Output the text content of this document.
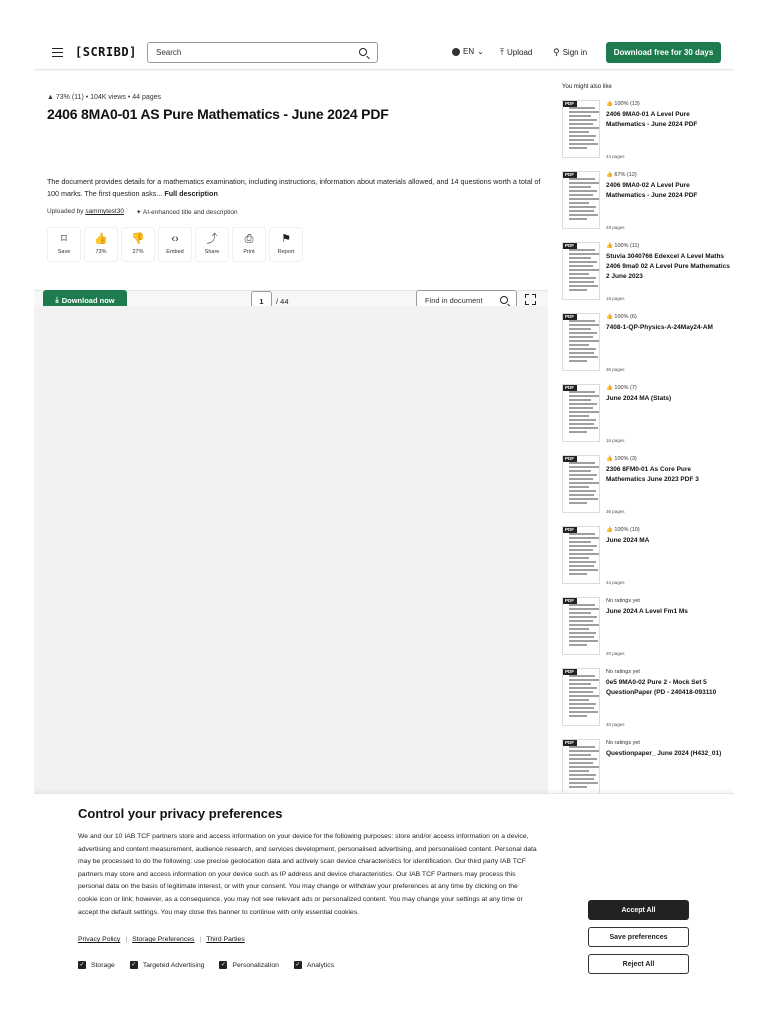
[SCRIBD]	Search	EN ⌄ ⤒ Upload ⚲ Sign in	Download free for 30 days
▲ 73% (11) • 104K views • 44 pages
2406 8MA0-01 AS Pure Mathematics - June 2024 PDF
The document provides details for a mathematics examination, including instructions, information about materials allowed, and 14 questions worth a total of 100 marks. The first question asks... Full description
Uploaded by sammytest30 ✦ AI-enhanced title and description
⌑
Save
👍
73%
👎
27%
‹›
Embed
⤴
Share
⎙
Print
⚑
Report
⤓ Download now	1	/ 44	Find in document
You might also like
PDF	👍 100% (13)
2406 9MA0-01 A Level Pure Mathematics - June 2024 PDF
44 pages
PDF	👍 67% (12)
2406 9MA0-02 A Level Pure Mathematics - June 2024 PDF
48 pages
PDF	👍 100% (11)
Stuvia 3040766 Edexcel A Level Maths 2406 9ma0 02 A Level Pure Mathematics 2 June 2023
16 pages
PDF	👍 100% (6)
7408-1-QP-Physics-A-24May24-AM
36 pages
PDF	👍 100% (7)
June 2024 MA (Stats)
16 pages
PDF	👍 100% (3)
2306 8FM0-01 As Core Pure Mathematics June 2023 PDF 3
36 pages
PDF	👍 100% (10)
June 2024 MA
44 pages
PDF	No ratings yet
June 2024 A Level Fm1 Ms
20 pages
PDF	No ratings yet
0e5 9MA0-02 Pure 2 - Mock Set 5 QuestionPaper (PD - 240418-093110
40 pages
PDF	No ratings yet
Questionpaper_ June 2024 (H432_01)
Control your privacy preferences
We and our 10 IAB TCF partners store and access information on your device for the following purposes: store and/or access information on a device, advertising and content measurement, audience research, and services development, personalised advertising, and personalised content. Personal data may be processed to do the following: use precise geolocation data and actively scan device characteristics for identification. Our third party IAB TCF partners may store and access information on your device such as IP address and device characteristics. Our IAB TCF Partners may process this personal data on the basis of legitimate interest, or with your consent. You may change or withdraw your preferences at any time by clicking on the cookie icon or link; however, as a consequence, you may not see relevant ads or personalized content. You may change your settings at any time or accept the default settings. You may close this banner to continue with only essential cookies.
Privacy Policy | Storage Preferences | Third Parties
✓ Storage	✓ Targeted Advertising	✓ Personalization	✓ Analytics
Accept All
Save preferences
Reject All
